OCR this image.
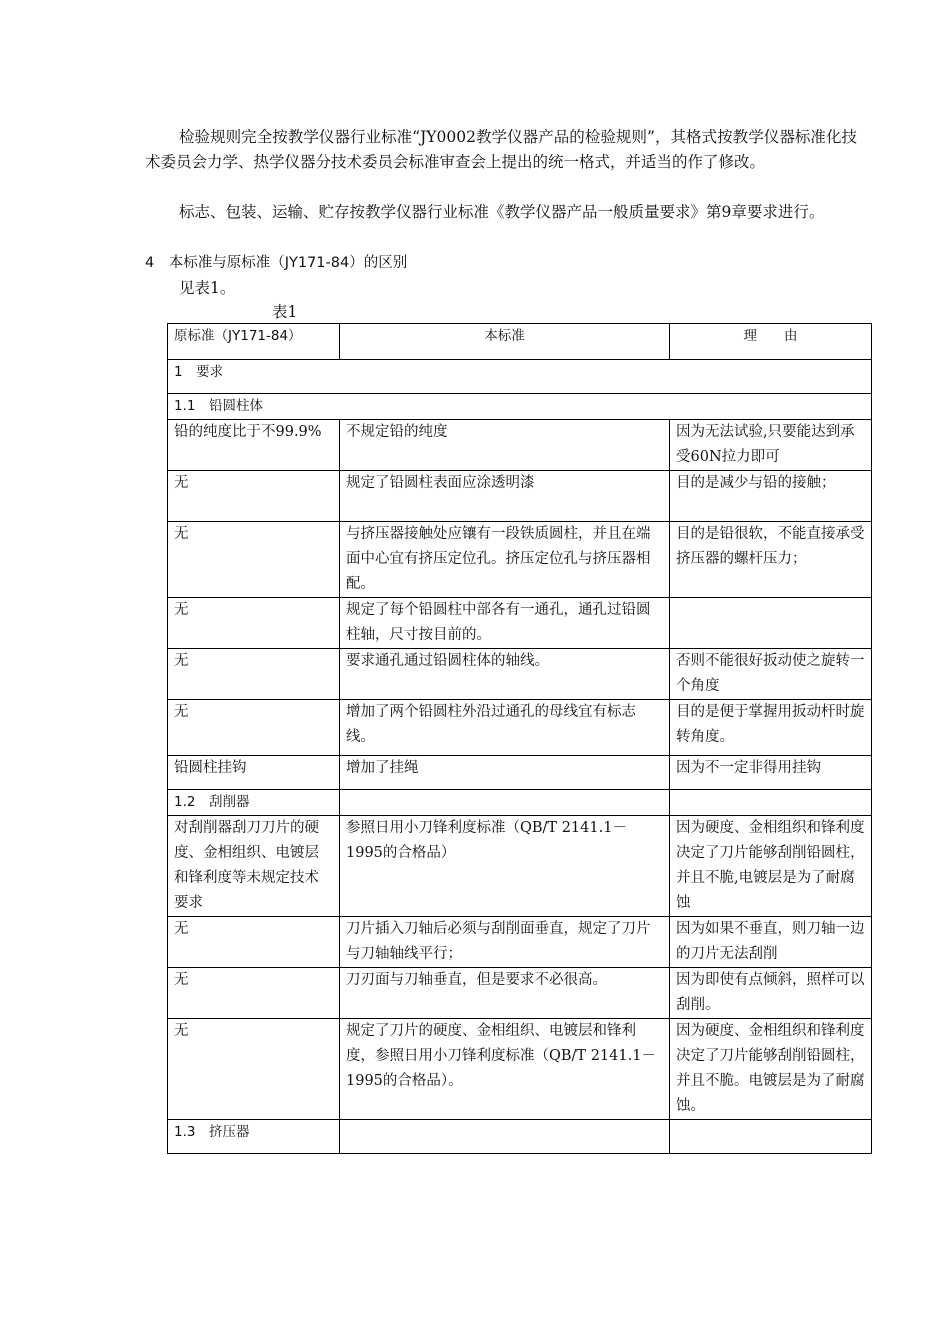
检验规则完全按教学仪器行业标准“JY0002教学仪器产品的检验规则”，其格式按教学仪器标准化技术委员会力学、热学仪器分技术委员会标准审查会上提出的统一格式，并适当的作了修改。

标志、包装、运输、贮存按教学仪器行业标准《教学仪器产品一般质量要求》第9章要求进行。

4　本标准与原标准（JY171-84）的区别

见表1。

表1

原标准（JY171-84）	本标准	理　　由
1　要求		
1.1　铅圆柱体		
铅的纯度比于不99.9%	不规定铅的纯度	因为无法试验,只要能达到承受60N拉力即可
无	规定了铅圆柱表面应涂透明漆	目的是减少与铅的接触；
无	与挤压器接触处应镶有一段铁质圆柱，并且在端面中心宜有挤压定位孔。挤压定位孔与挤压器相配。	目的是铅很软，不能直接承受挤压器的螺杆压力；
无	规定了每个铅圆柱中部各有一通孔，通孔过铅圆柱轴，尺寸按目前的。	
无	要求通孔通过铅圆柱体的轴线。	否则不能很好扳动使之旋转一个角度
无	增加了两个铅圆柱外沿过通孔的母线宜有标志线。	目的是便于掌握用扳动杆时旋转角度。
铅圆柱挂钩	增加了挂绳	因为不一定非得用挂钩
1.2　刮削器		
对刮削器刮刀刀片的硬度、金相组织、电镀层和锋利度等未规定技术要求	参照日用小刀锋利度标准（QB/T 2141.1－1995的合格品）	因为硬度、金相组织和锋利度决定了刀片能够刮削铅圆柱，并且不脆,电镀层是为了耐腐蚀
无	刀片插入刀轴后必须与刮削面垂直，规定了刀片与刀轴轴线平行；	因为如果不垂直，则刀轴一边的刀片无法刮削
无	刀刃面与刀轴垂直，但是要求不必很高。	因为即使有点倾斜，照样可以刮削。
无	规定了刀片的硬度、金相组织、电镀层和锋利度，参照日用小刀锋利度标准（QB/T 2141.1－1995的合格品）。	因为硬度、金相组织和锋利度决定了刀片能够刮削铅圆柱，并且不脆。电镀层是为了耐腐蚀。
1.3　挤压器		
